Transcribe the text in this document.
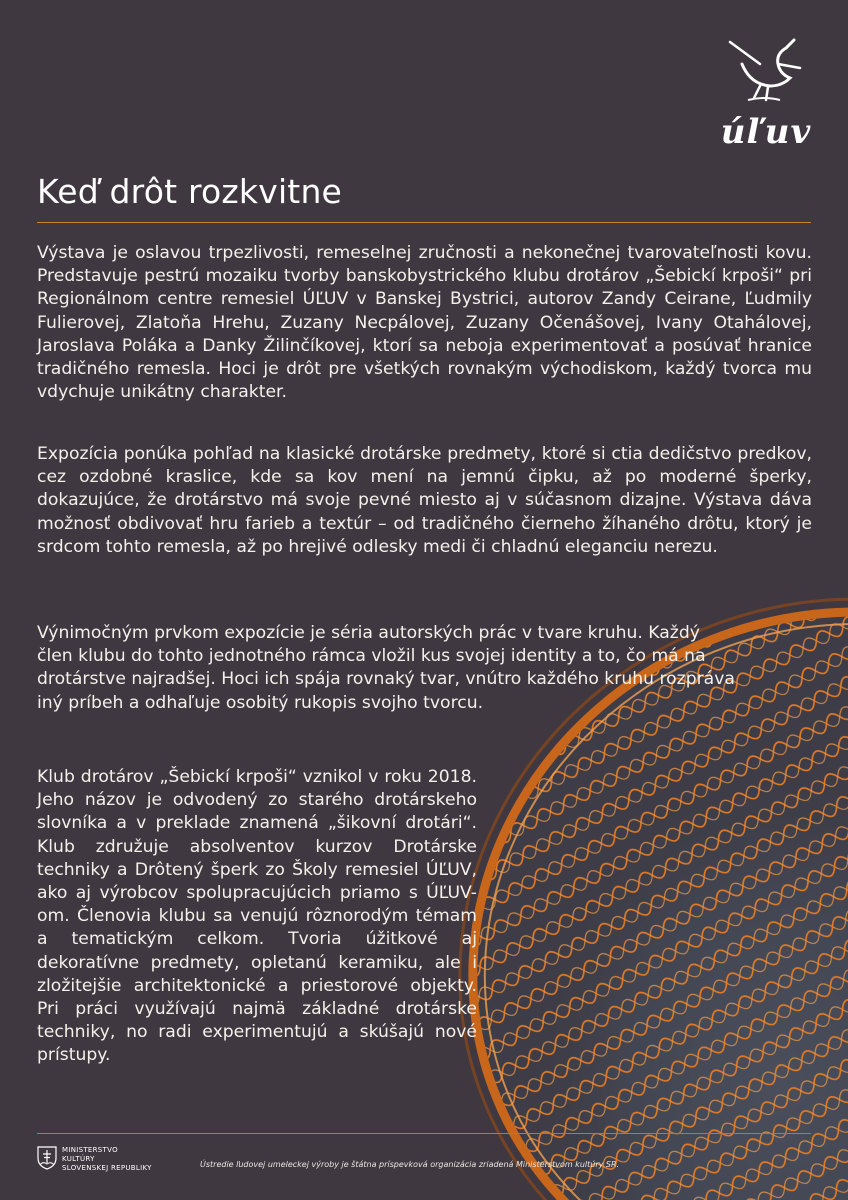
úľuv
Keď drôt rozkvitne

Výstava je oslavou trpezlivosti, remeselnej zručnosti a nekonečnej tvarovateľnosti kovu. Predstavuje pestrú mozaiku tvorby banskobystrického klubu drotárov „Šebickí krpoši“ pri Regionálnom centre remesiel ÚĽUV v Banskej Bystrici, autorov Zandy Ceirane, Ľudmily Fulierovej, Zlatoňa Hrehu, Zuzany Necpálovej, Zuzany Očenášovej, Ivany Otahálovej, Jaroslava Poláka a Danky Žilinčíkovej, ktorí sa neboja experimentovať a posúvať hranice tradičného remesla. Hoci je drôt pre všetkých rovnakým východiskom, každý tvorca mu vdychuje unikátny charakter.

Expozícia ponúka pohľad na klasické drotárske predmety, ktoré si ctia dedičstvo predkov, cez ozdobné kraslice, kde sa kov mení na jemnú čipku, až po moderné šperky, dokazujúce, že drotárstvo má svoje pevné miesto aj v súčasnom dizajne. Výstava dáva možnosť obdivovať hru farieb a textúr – od tradičného čierneho žíhaného drôtu, ktorý je srdcom tohto remesla, až po hrejivé odlesky medi či chladnú eleganciu nerezu.

Výnimočným prvkom expozície je séria autorských prác v tvare kruhu. Každý člen klubu do tohto jednotného rámca vložil kus svojej identity a to, čo má na drotárstve najradšej. Hoci ich spája rovnaký tvar, vnútro každého kruhu rozpráva iný príbeh a odhaľuje osobitý rukopis svojho tvorcu.

Klub drotárov „Šebickí krpoši“ vznikol v roku 2018. Jeho názov je odvodený zo starého drotárskeho slovníka a v preklade znamená „šikovní drotári“. Klub združuje absolventov kurzov Drotárske techniky a Drôtený šperk zo Školy remesiel ÚĽUV, ako aj výrobcov spolupracujúcich priamo s ÚĽUV-om. Členovia klubu sa venujú rôznorodým témam a tematickým celkom. Tvoria úžitkové aj dekoratívne predmety, opletanú keramiku, ale i zložitejšie architektonické a priestorové objekty. Pri práci využívajú najmä základné drotárske techniky, no radi experimentujú a skúšajú nové prístupy.

MINISTERSTVO
KULTÚRY
SLOVENSKEJ REPUBLIKY	Ústredie ľudovej umeleckej výroby je štátna príspevková organizácia zriadená Ministerstvom kultúry SR.
